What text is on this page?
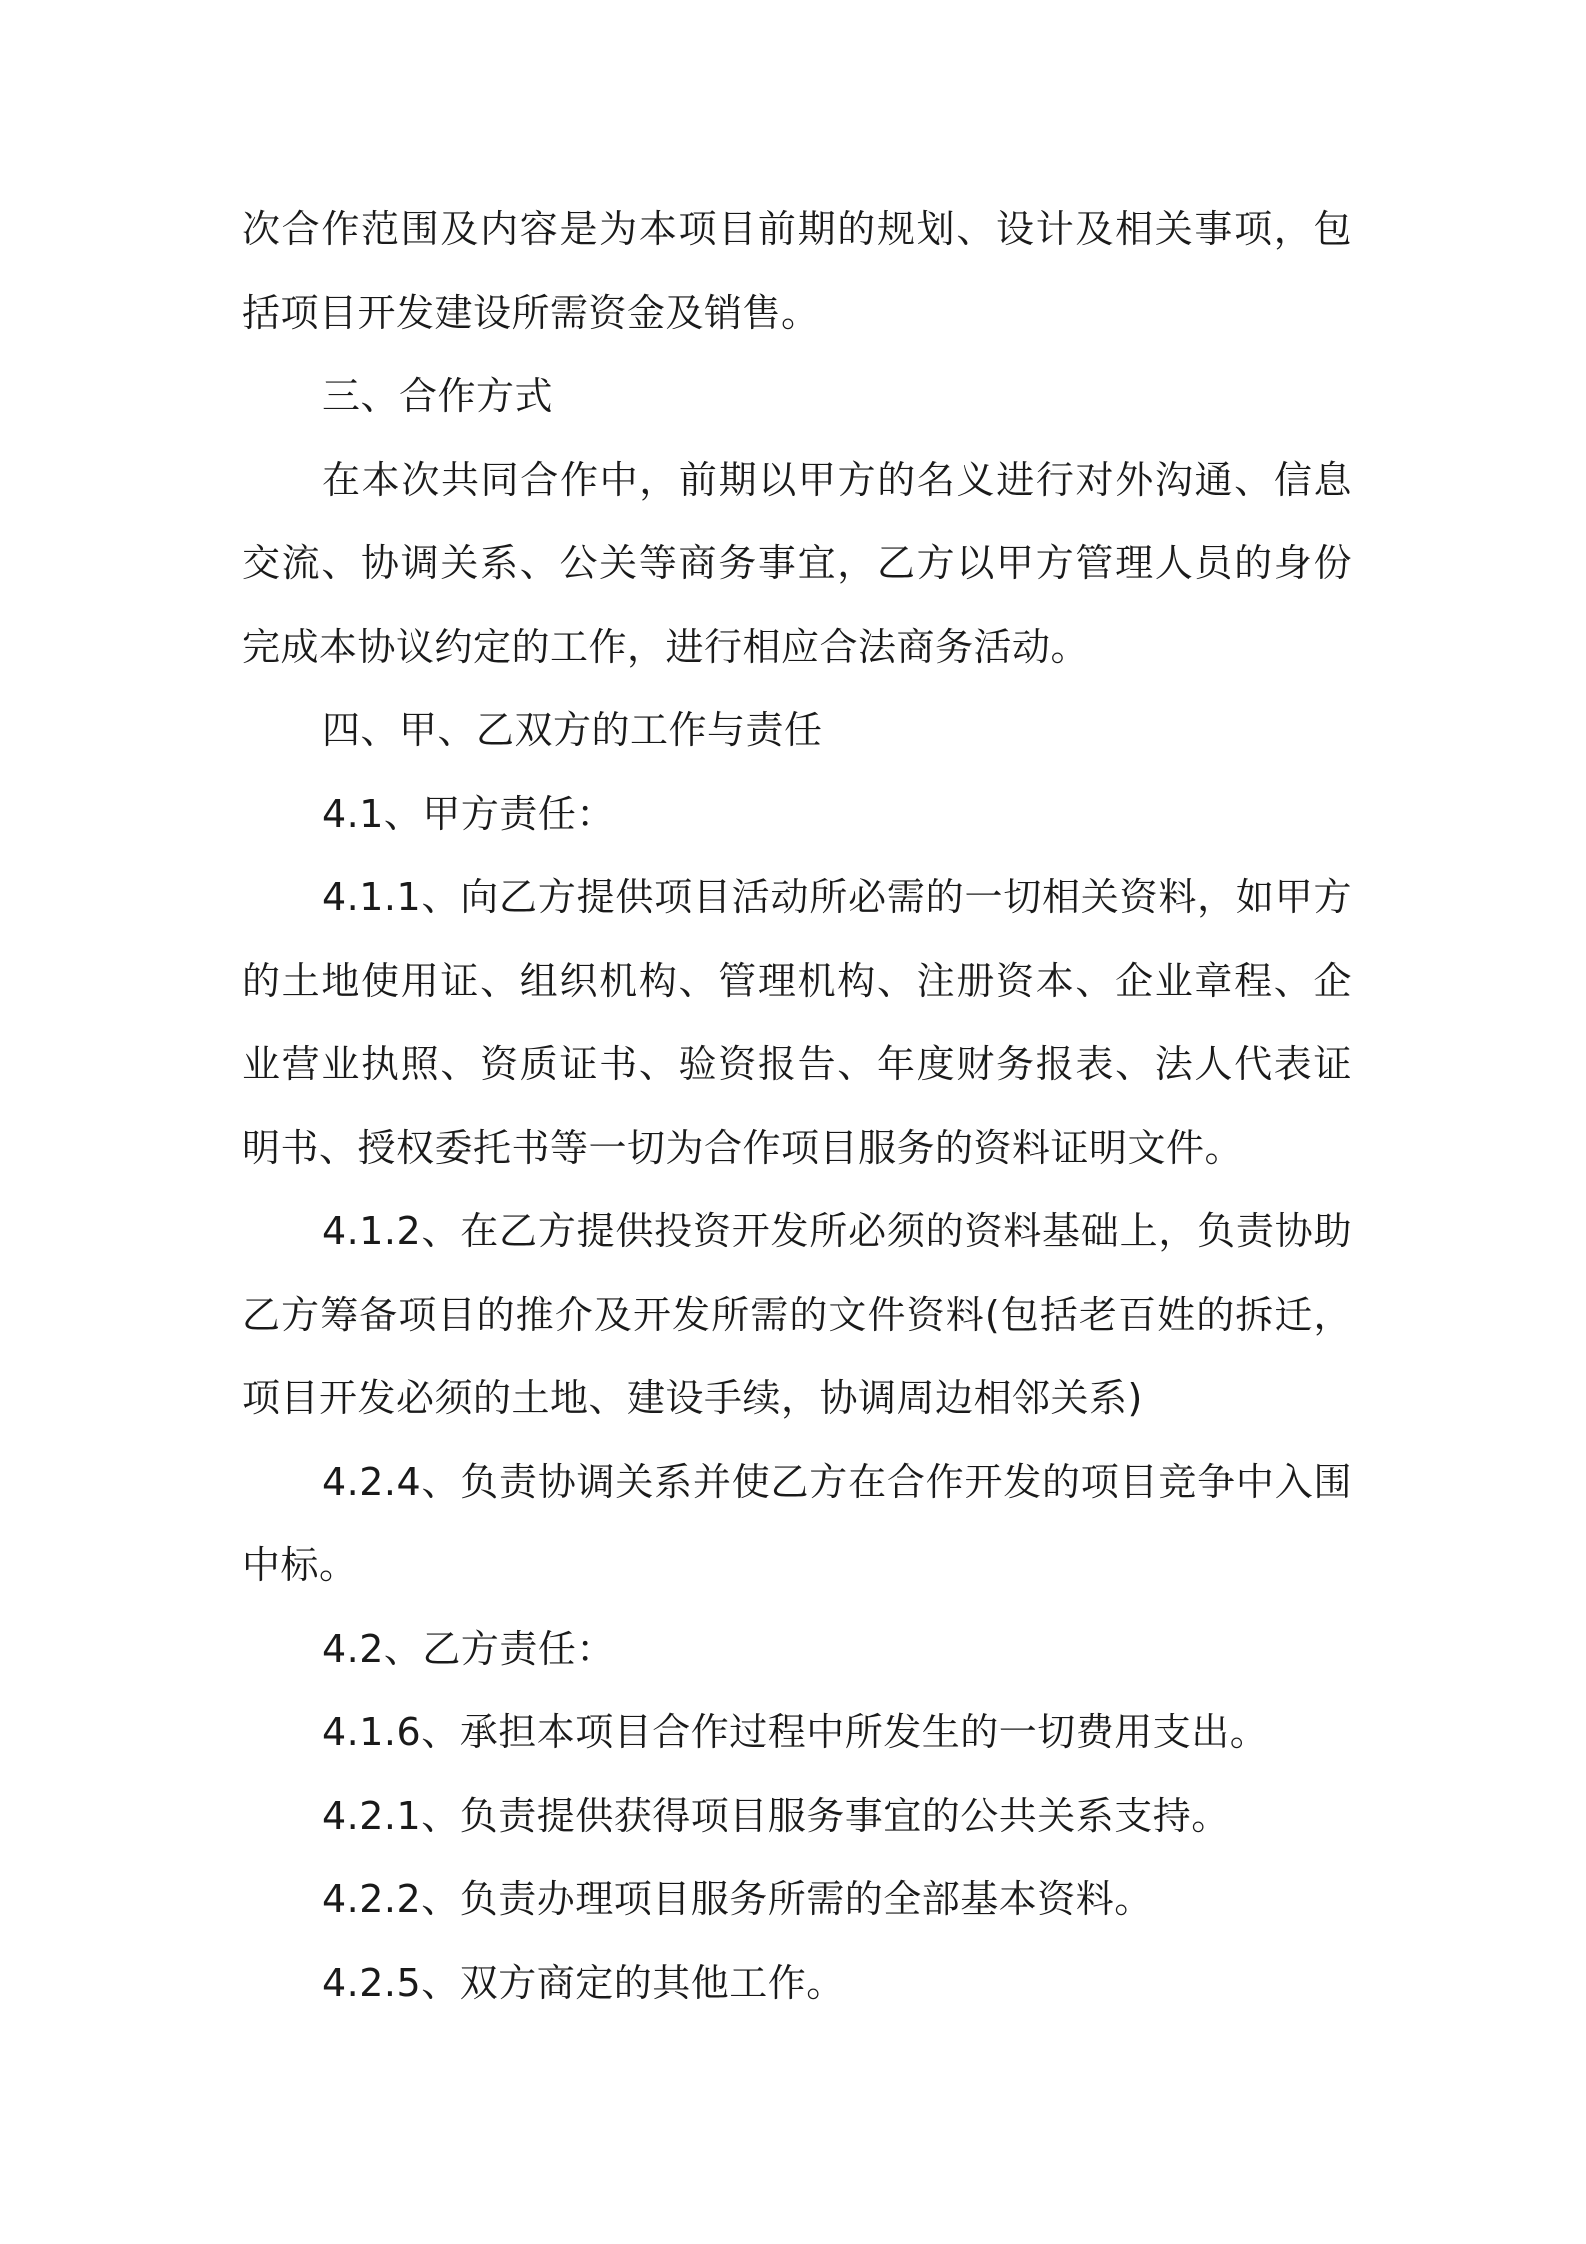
次合作范围及内容是为本项目前期的规划、设计及相关事项，包括项目开发建设所需资金及销售。

三、合作方式

在本次共同合作中，前期以甲方的名义进行对外沟通、信息交流、协调关系、公关等商务事宜，乙方以甲方管理人员的身份完成本协议约定的工作，进行相应合法商务活动。

四、甲、乙双方的工作与责任

4.1、甲方责任：

4.1.1、向乙方提供项目活动所必需的一切相关资料，如甲方的土地使用证、组织机构、管理机构、注册资本、企业章程、企业营业执照、资质证书、验资报告、年度财务报表、法人代表证明书、授权委托书等一切为合作项目服务的资料证明文件。

4.1.2、在乙方提供投资开发所必须的资料基础上，负责协助乙方筹备项目的推介及开发所需的文件资料(包括老百姓的拆迁，项目开发必须的土地、建设手续，协调周边相邻关系)

4.2.4、负责协调关系并使乙方在合作开发的项目竞争中入围中标。

4.2、乙方责任：

4.1.6、承担本项目合作过程中所发生的一切费用支出。

4.2.1、负责提供获得项目服务事宜的公共关系支持。

4.2.2、负责办理项目服务所需的全部基本资料。

4.2.5、双方商定的其他工作。
